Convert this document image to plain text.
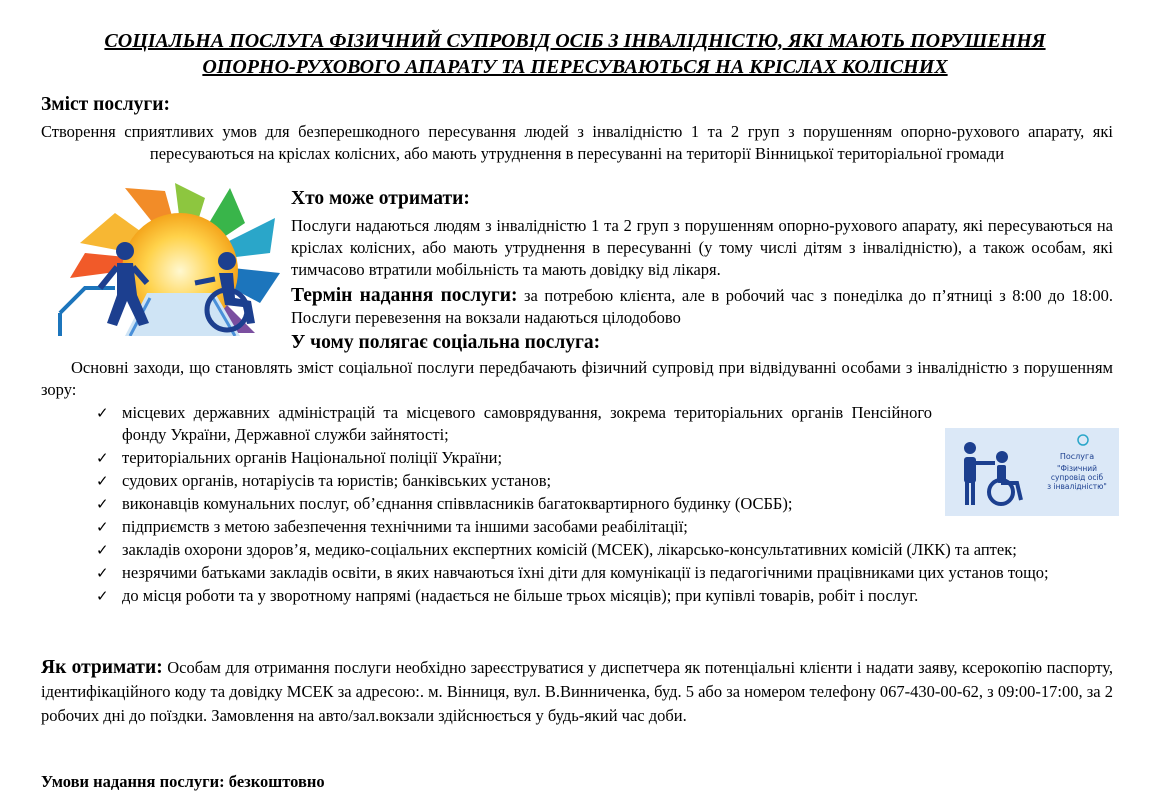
СОЦІАЛЬНА ПОСЛУГА ФІЗИЧНИЙ СУПРОВІД ОСІБ З ІНВАЛІДНІСТЮ, ЯКІ МАЮТЬ ПОРУШЕННЯ
ОПОРНО-РУХОВОГО АПАРАТУ ТА ПЕРЕСУВАЮТЬСЯ НА КРІСЛАХ КОЛІСНИХ
Зміст послуги:
Створення сприятливих умов для безперешкодного пересування людей з інвалідністю 1 та 2 груп з порушенням опорно-рухового апарату, які пересуваються на кріслах колісних, або мають утруднення в пересуванні на території Вінницької територіальної громади
Хто може отримати:
Послуги надаються людям з інвалідністю 1 та 2 груп з порушенням опорно-рухового апарату, які пересуваються на кріслах колісних, або мають утруднення в пересуванні (у тому числі дітям з інвалідністю), а також особам, які тимчасово втратили мобільність та мають довідку від лікаря.
Термін надання послуги: за потребою клієнта, але в робочий час з понеділка до п’ятниці з 8:00 до 18:00. Послуги перевезення на вокзали надаються цілодобово
У чому полягає соціальна послуга:
Основні заходи, що становлять зміст соціальної послуги передбачають фізичний супровід при відвідуванні особами з інвалідністю з порушенням зору:
✓ місцевих державних адміністрацій та місцевого самоврядування, зокрема територіальних органів Пенсійного фонду України, Державної служби зайнятості;
✓ територіальних органів Національної поліції України;
✓ судових органів, нотаріусів та юристів; банківських установ;
✓ виконавців комунальних послуг, об’єднання співвласників багатоквартирного будинку (ОСББ);
✓ підприємств з метою забезпечення технічними та іншими засобами реабілітації;
✓ закладів охорони здоров’я, медико-соціальних експертних комісій (МСЕК), лікарсько-консультативних комісій (ЛКК) та аптек;
✓ незрячими батьками закладів освіти, в яких навчаються їхні діти для комунікації із педагогічними працівниками цих установ тощо;
✓ до місця роботи та у зворотному напрямі (надається не більше трьох місяців); при купівлі товарів, робіт і послуг.
Послуга
"Фізичний
супровід осіб
з інвалідністю"
Як отримати: Особам для отримання послуги необхідно зареєструватися у диспетчера як потенціальні клієнти і надати заяву, ксерокопію паспорту, ідентифікаційного коду та довідку МСЕК за адресою:. м. Вінниця, вул. В.Винниченка, буд. 5 або за номером телефону 067-430-00-62, з 09:00-17:00, за 2 робочих дні до поїздки. Замовлення на авто/зал.вокзали здійснюється у будь-який час доби.
Умови надання послуги: безкоштовно
